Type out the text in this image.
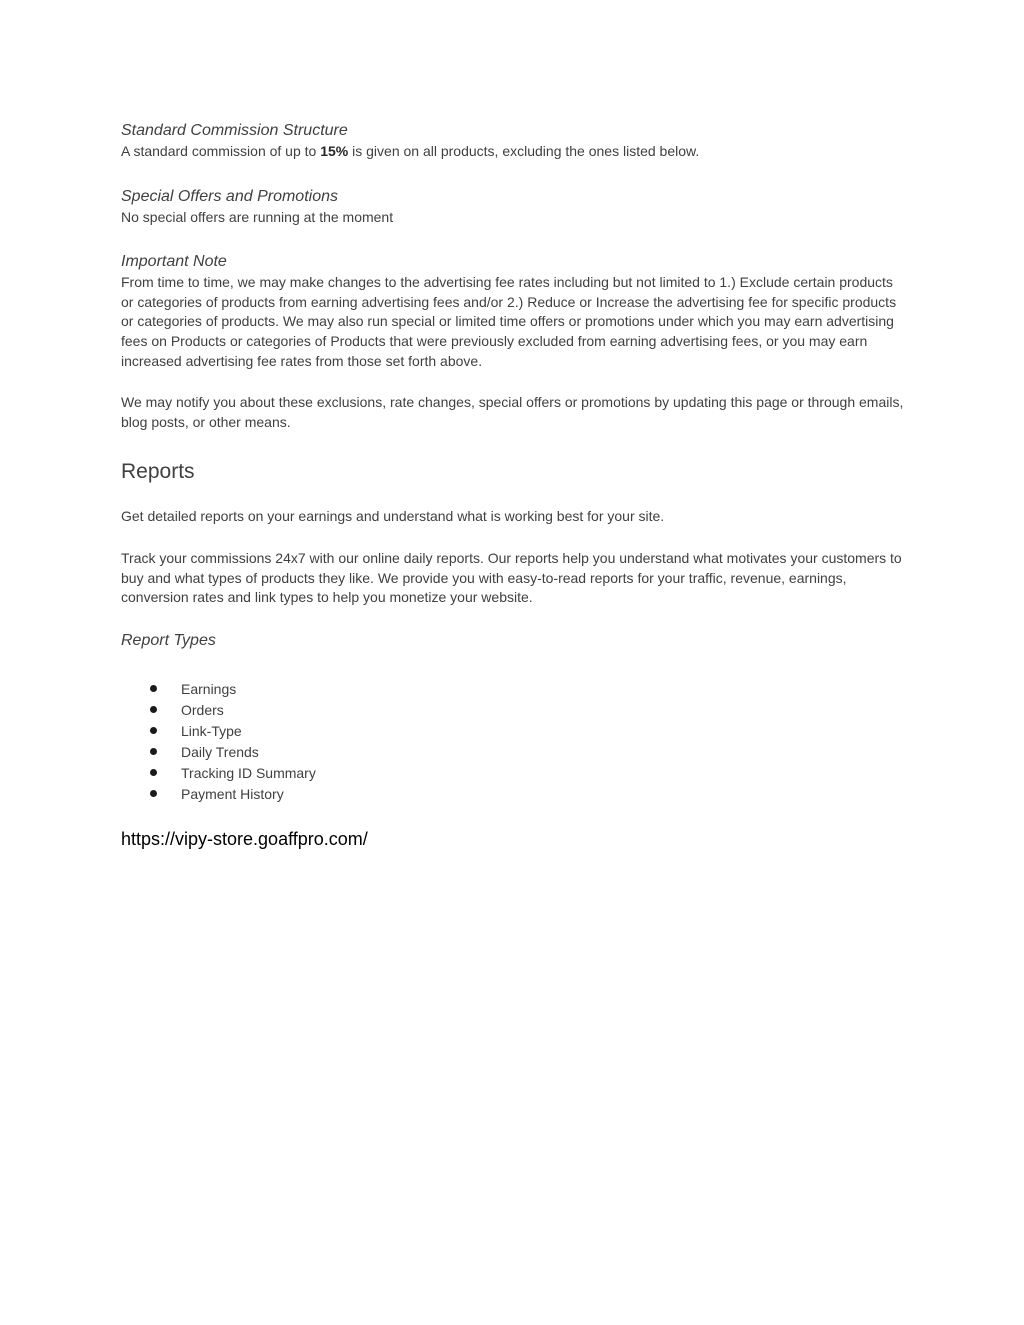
Standard Commission Structure

A standard commission of up to 15% is given on all products, excluding the ones listed below.

Special Offers and Promotions

No special offers are running at the moment

Important Note

From time to time, we may make changes to the advertising fee rates including but not limited to 1.) Exclude certain products or categories of products from earning advertising fees and/or 2.) Reduce or Increase the advertising fee for specific products or categories of products. We may also run special or limited time offers or promotions under which you may earn advertising fees on Products or categories of Products that were previously excluded from earning advertising fees, or you may earn increased advertising fee rates from those set forth above.

We may notify you about these exclusions, rate changes, special offers or promotions by updating this page or through emails, blog posts, or other means.

Reports

Get detailed reports on your earnings and understand what is working best for your site.

Track your commissions 24x7 with our online daily reports. Our reports help you understand what motivates your customers to buy and what types of products they like. We provide you with easy-to-read reports for your traffic, revenue, earnings, conversion rates and link types to help you monetize your website.

Report Types
Earnings
Orders
Link-Type
Daily Trends
Tracking ID Summary
Payment History
https://vipy-store.goaffpro.com/
